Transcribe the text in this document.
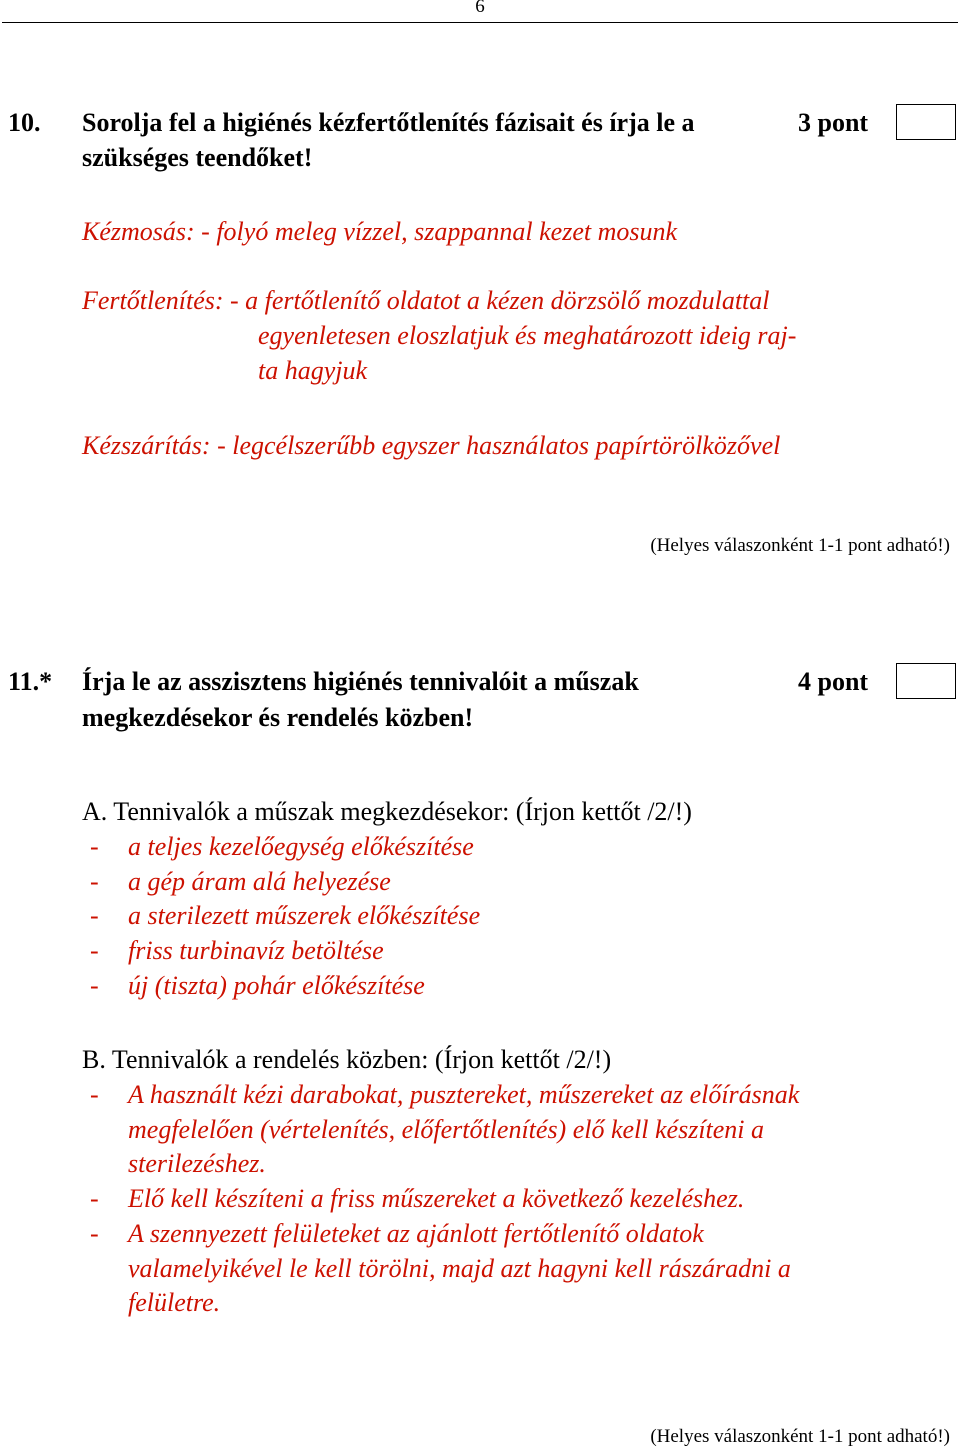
6
10. Sorolja fel a higiénés kézfertőtlenítés fázisait és írja le a
szükséges teendőket!
3 pont
Kézmosás: - folyó meleg vízzel, szappannal kezet mosunk
Fertőtlenítés: - a fertőtlenítő oldatot a kézen dörzsölő mozdulattal
egyenletesen eloszlatjuk és meghatározott ideig raj-
ta hagyjuk
Kézszárítás: - legcélszerűbb egyszer használatos papírtörölközővel
(Helyes válaszonként 1-1 pont adható!)
11.* Írja le az asszisztens higiénés tennivalóit a műszak
megkezdésekor és rendelés közben!
4 pont
A. Tennivalók a műszak megkezdésekor: (Írjon kettőt /2/!)
- a teljes kezelőegység előkészítése
- a gép áram alá helyezése
- a sterilezett műszerek előkészítése
- friss turbinavíz betöltése
- új (tiszta) pohár előkészítése
B. Tennivalók a rendelés közben: (Írjon kettőt /2/!)
- A használt kézi darabokat, pusztereket, műszereket az előírásnak
megfelelően (vértelenítés, előfertőtlenítés) elő kell készíteni a
sterilezéshez.
- Elő kell készíteni a friss műszereket a következő kezeléshez.
- A szennyezett felületeket az ajánlott fertőtlenítő oldatok
valamelyikével le kell törölni, majd azt hagyni kell rászáradni a
felületre.
(Helyes válaszonként 1-1 pont adható!)
